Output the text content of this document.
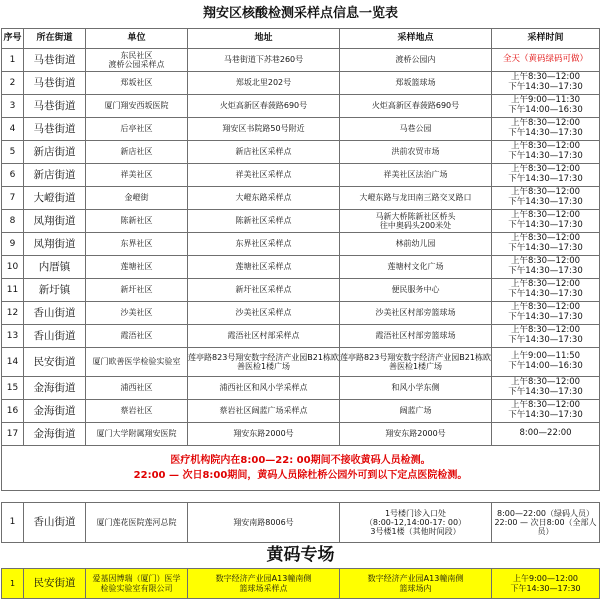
翔安区核酸检测采样点信息一览表					
序号	所在街道	单位	地址	采样地点	采样时间
1	马巷街道	东民社区
渡桥公园采样点	马巷街道下苏巷260号	渡桥公园内	全天（黄码绿码可做）
2	马巷街道	郑坂社区	郑坂北里202号	郑坂篮球场	上午8:30—12:00
下午14:30—17:30
3	马巷街道	厦门翔安西坂医院	火炬高新区春菠路690号	火炬高新区春菠路690号	上午9:00—11:30
下午14:00—16:30
4	马巷街道	后亭社区	翔安区书院路50号附近	马巷公园	上午8:30—12:00
下午14:30—17:30
5	新店街道	新店社区	新店社区采样点	洪前农贸市场	上午8:30—12:00
下午14:30—17:30
6	新店街道	祥美社区	祥美社区采样点	祥美社区法治广场	上午8:30—12:00
下午14:30—17:30
7	大嶝街道	金嶝街	大嶝东路采样点	大嶝东路与龙田南三路交叉路口	上午8:30—12:00
下午14:30—17:30
8	凤翔街道	陈新社区	陈新社区采样点	马新大桥陈新社区桥头
往中奥码头200米处	上午8:30—12:00
下午14:30—17:30
9	凤翔街道	东界社区	东界社区采样点	林前幼儿园	上午8:30—12:00
下午14:30—17:30
10	内厝镇	莲塘社区	莲塘社区采样点	莲塘村文化广场	上午8:30—12:00
下午14:30—17:30
11	新圩镇	新圩社区	新圩社区采样点	便民服务中心	上午8:30—12:00
下午14:30—17:30
12	香山街道	沙美社区	沙美社区采样点	沙美社区村部旁篮球场	上午8:30—12:00
下午14:30—17:30
13	香山街道	霞浯社区	霞浯社区村部采样点	霞浯社区村部旁篮球场	上午8:30—12:00
下午14:30—17:30
14	民安街道	厦门欧善医学检验实验室	莲亭路823号翔安数字经济产业园B21栋欧善医检1楼广场	莲亭路823号翔安数字经济产业园B21栋欧善医检1楼广场	上午9:00—11:50
下午14:00—16:30
15	金海街道	浦西社区	浦西社区和风小学采样点	和风小学东侧	上午8:30—12:00
下午14:30—17:30
16	金海街道	蔡岩社区	蔡岩社区阔蓝广场采样点	阔蓝广场	上午8:30—12:00
下午14:30—17:30
17	金海街道	厦门大学附属翔安医院	翔安东路2000号	翔安东路2000号	8:00—22:00

医疗机构院内在8:00—22: 00期间不接收黄码人员检测。
22:00 — 次日8:00期间，黄码人员除杜桥公园外可到以下定点医院检测。					

1	香山街道	厦门莲花医院莲河总院	翔安南路8006号	1号楼门诊入口处
（8:00-12,14:00-17: 00）
3号楼1楼（其他时间段）	8:00—22:00（绿码人员）
22:00 — 次日8:00（全部人员）
黄码专场					
1	民安街道	爱基因博瑞（厦门）医学
检验实验室有限公司	数字经济产业园A13幢南侧
篮球场采样点	数字经济产业园A13幢南侧
篮球场内	上午9:00—12:00
下午14:30—17:30
